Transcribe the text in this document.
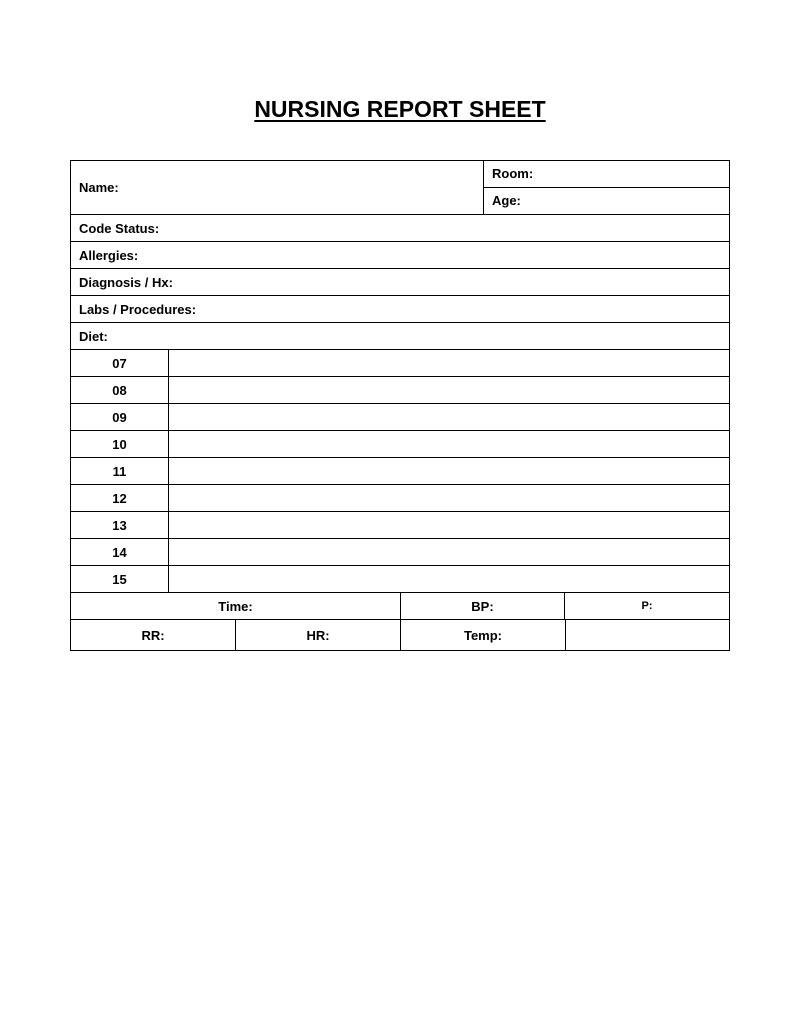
NURSING REPORT SHEET
Name:
Room:
Age:
Code Status:
Allergies:
Diagnosis / Hx:
Labs / Procedures:
Diet:
07
08
09
10
11
12
13
14
15
Time:	BP:	P:
RR:	HR:	Temp:
